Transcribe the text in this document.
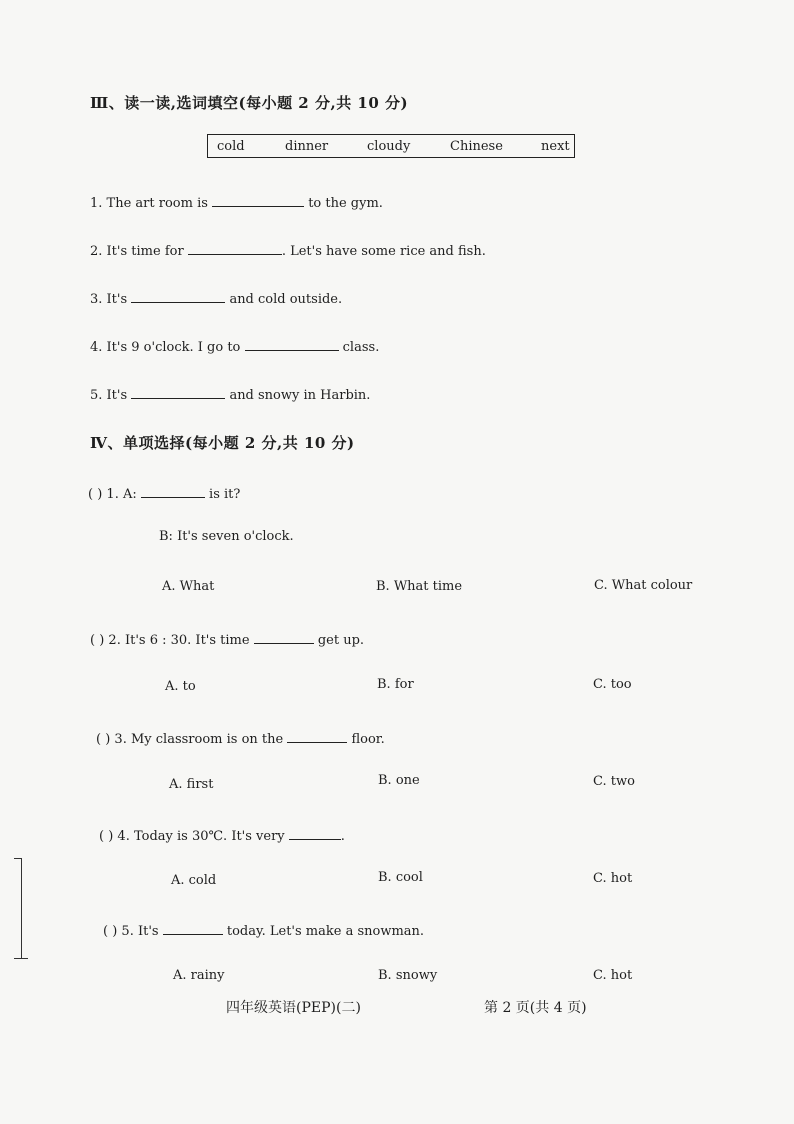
Ⅲ、读一读,选词填空(每小题 2 分,共 10 分)
cold	dinner	cloudy	Chinese	next
1. The art room is	to the gym.
2. It's time for	. Let's have some rice and fish.
3. It's	and cold outside.
4. It's 9 o'clock. I go to	class.
5. It's	and snowy in Harbin.
Ⅳ、单项选择(每小题 2 分,共 10 分)
( ) 1. A:	is it?
B: It's seven o'clock.
A. What	B. What time	C. What colour
( ) 2. It's 6 : 30. It's time	get up.
A. to	B. for	C. too
( ) 3. My classroom is on the	floor.
A. first	B. one	C. two
( ) 4. Today is 30℃. It's very	.
A. cold	B. cool	C. hot
( ) 5. It's	today. Let's make a snowman.
A. rainy	B. snowy	C. hot
四年级英语(PEP)(二)	第 2 页(共 4 页)
